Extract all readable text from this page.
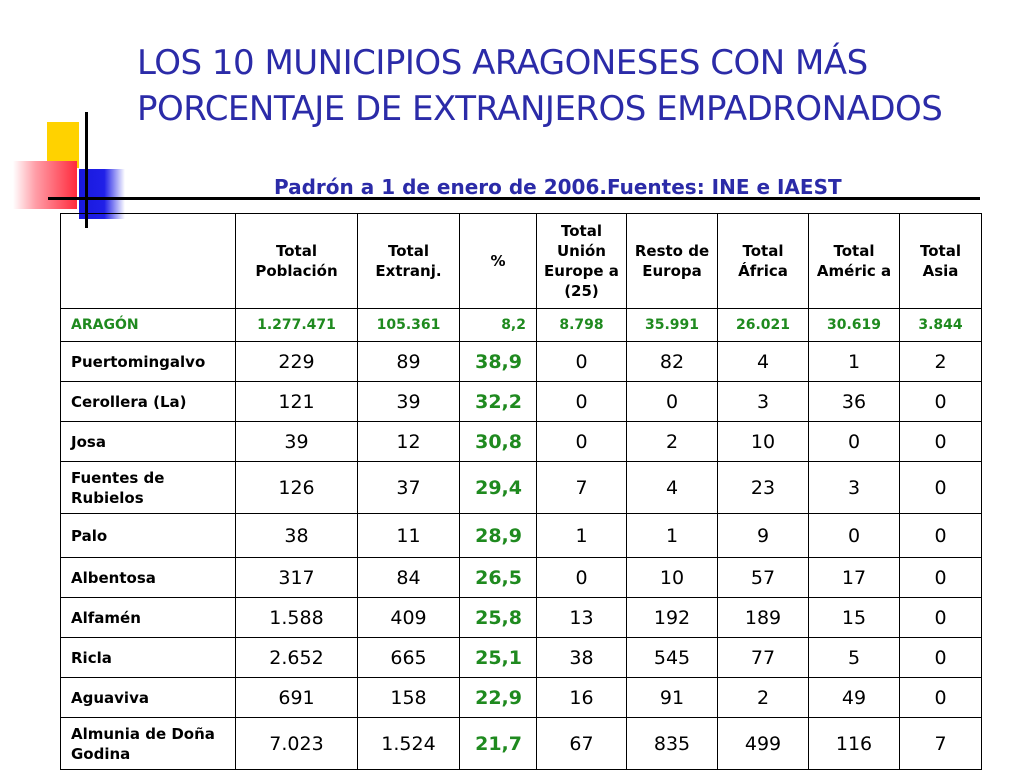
LOS 10 MUNICIPIOS ARAGONESES CON MÁS PORCENTAJE DE EXTRANJEROS EMPADRONADOS
Padrón a 1 de enero de 2006.Fuentes: INE e IAEST
	Total Población	Total Extranj.	%	Total Unión Europe a (25)	Resto de Europa	Total África	Total Améric a	Total Asia
ARAGÓN	1.277.471	105.361	8,2	8.798	35.991	26.021	30.619	3.844
Puertomingalvo	229	89	38,9	0	82	4	1	2
Cerollera (La)	121	39	32,2	0	0	3	36	0
Josa	39	12	30,8	0	2	10	0	0
Fuentes de Rubielos	126	37	29,4	7	4	23	3	0
Palo	38	11	28,9	1	1	9	0	0
Albentosa	317	84	26,5	0	10	57	17	0
Alfamén	1.588	409	25,8	13	192	189	15	0
Ricla	2.652	665	25,1	38	545	77	5	0
Aguaviva	691	158	22,9	16	91	2	49	0
Almunia de Doña Godina	7.023	1.524	21,7	67	835	499	116	7
